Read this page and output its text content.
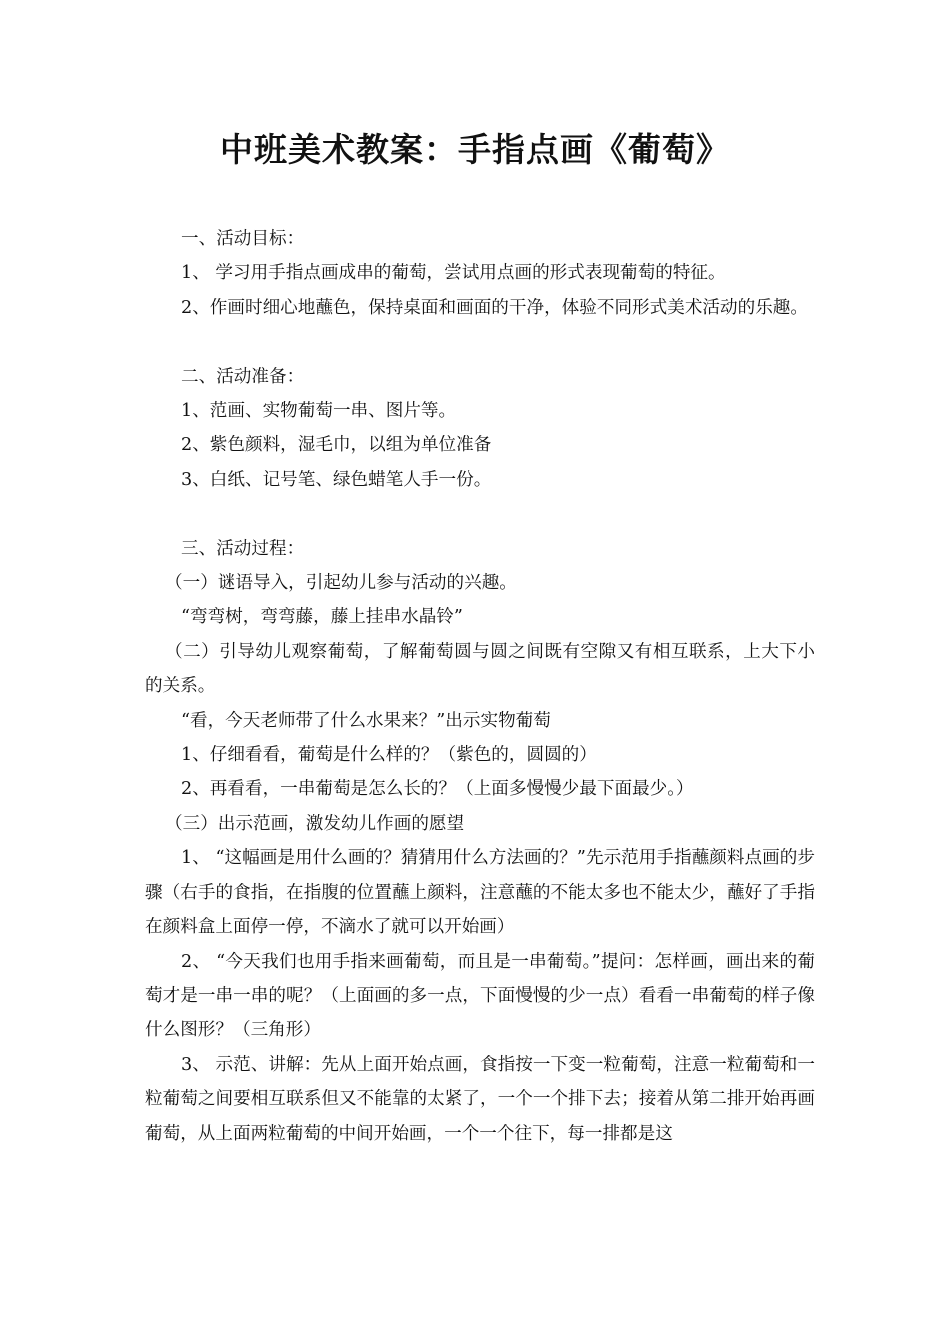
中班美术教案：手指点画《葡萄》

一、活动目标：

1、 学习用手指点画成串的葡萄，尝试用点画的形式表现葡萄的特征。

2、作画时细心地蘸色，保持桌面和画面的干净，体验不同形式美术活动的乐趣。

二、活动准备：

1、范画、实物葡萄一串、图片等。

2、紫色颜料，湿毛巾，以组为单位准备

3、白纸、记号笔、绿色蜡笔人手一份。

三、活动过程：

（一）谜语导入，引起幼儿参与活动的兴趣。

“弯弯树，弯弯藤，藤上挂串水晶铃”

（二）引导幼儿观察葡萄，了解葡萄圆与圆之间既有空隙又有相互联系，上大下小的关系。

“看，今天老师带了什么水果来？”出示实物葡萄

1、仔细看看，葡萄是什么样的？（紫色的，圆圆的）

2、再看看，一串葡萄是怎么长的？（上面多慢慢少最下面最少。）

（三）出示范画，激发幼儿作画的愿望

1、 “这幅画是用什么画的？猜猜用什么方法画的？”先示范用手指蘸颜料点画的步骤（右手的食指，在指腹的位置蘸上颜料，注意蘸的不能太多也不能太少，蘸好了手指在颜料盒上面停一停，不滴水了就可以开始画）

2、 “今天我们也用手指来画葡萄，而且是一串葡萄。”提问：怎样画，画出来的葡萄才是一串一串的呢？（上面画的多一点，下面慢慢的少一点）看看一串葡萄的样子像什么图形？（三角形）

3、 示范、讲解：先从上面开始点画，食指按一下变一粒葡萄，注意一粒葡萄和一粒葡萄之间要相互联系但又不能靠的太紧了，一个一个排下去；接着从第二排开始再画葡萄，从上面两粒葡萄的中间开始画，一个一个往下，每一排都是这
